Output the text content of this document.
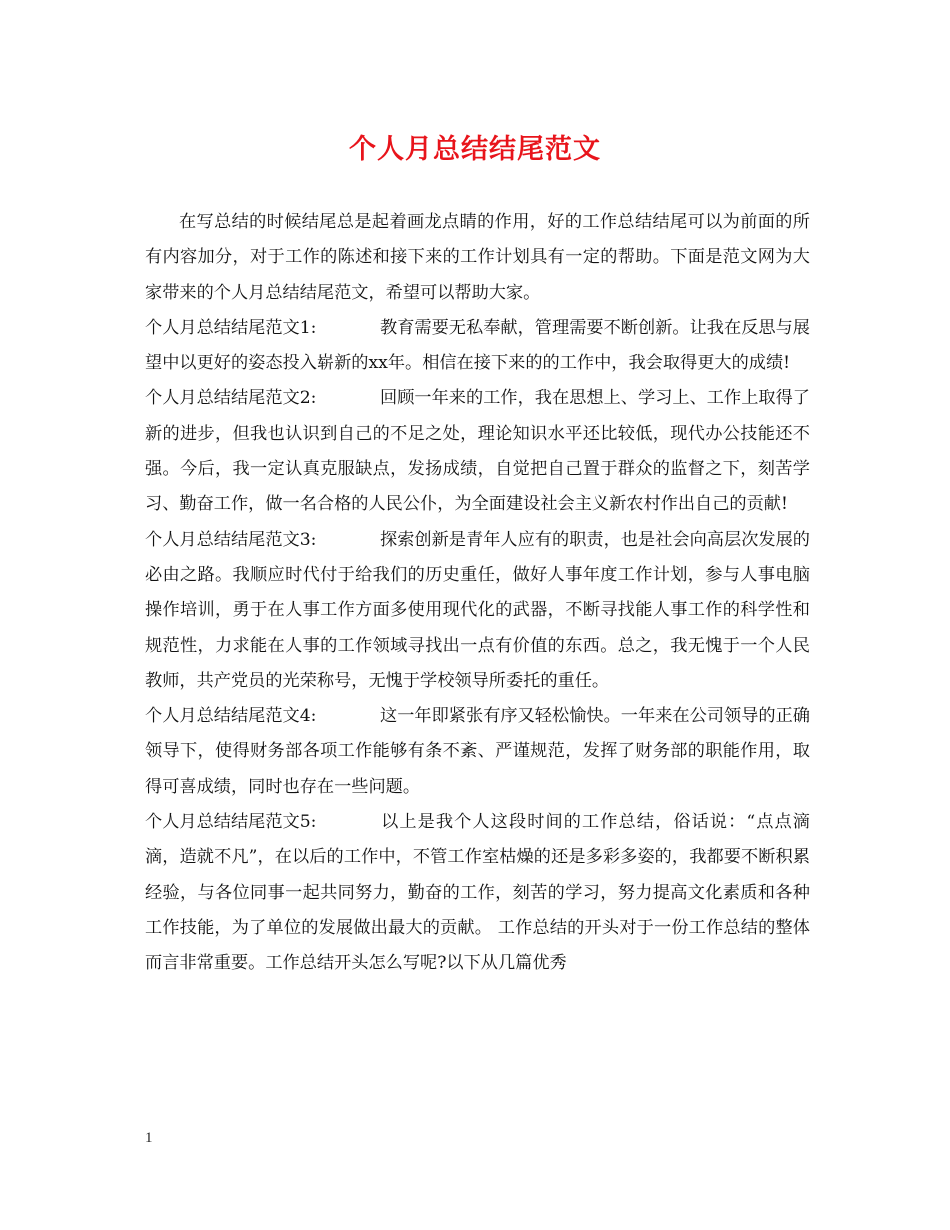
个人月总结结尾范文

在写总结的时候结尾总是起着画龙点睛的作用，好的工作总结结尾可以为前面的所有内容加分，对于工作的陈述和接下来的工作计划具有一定的帮助。下面是范文网为大家带来的个人月总结结尾范文，希望可以帮助大家。

个人月总结结尾范文1:	教育需要无私奉献，管理需要不断创新。让我在反思与展望中以更好的姿态投入崭新的xx年。相信在接下来的的工作中，我会取得更大的成绩!

个人月总结结尾范文2:	回顾一年来的工作，我在思想上、学习上、工作上取得了新的进步，但我也认识到自己的不足之处，理论知识水平还比较低，现代办公技能还不强。今后，我一定认真克服缺点，发扬成绩，自觉把自己置于群众的监督之下，刻苦学习、勤奋工作，做一名合格的人民公仆，为全面建设社会主义新农村作出自己的贡献!

个人月总结结尾范文3:	探索创新是青年人应有的职责，也是社会向高层次发展的必由之路。我顺应时代付于给我们的历史重任，做好人事年度工作计划，参与人事电脑操作培训，勇于在人事工作方面多使用现代化的武器，不断寻找能人事工作的科学性和规范性，力求能在人事的工作领域寻找出一点有价值的东西。总之，我无愧于一个人民教师，共产党员的光荣称号，无愧于学校领导所委托的重任。

个人月总结结尾范文4:	这一年即紧张有序又轻松愉快。一年来在公司领导的正确领导下，使得财务部各项工作能够有条不紊、严谨规范，发挥了财务部的职能作用，取得可喜成绩，同时也存在一些问题。

个人月总结结尾范文5:	以上是我个人这段时间的工作总结，俗话说：“点点滴滴，造就不凡”，在以后的工作中，不管工作室枯燥的还是多彩多姿的，我都要不断积累经验，与各位同事一起共同努力，勤奋的工作，刻苦的学习，努力提高文化素质和各种工作技能，为了单位的发展做出最大的贡献。 工作总结的开头对于一份工作总结的整体而言非常重要。工作总结开头怎么写呢?以下从几篇优秀

1
